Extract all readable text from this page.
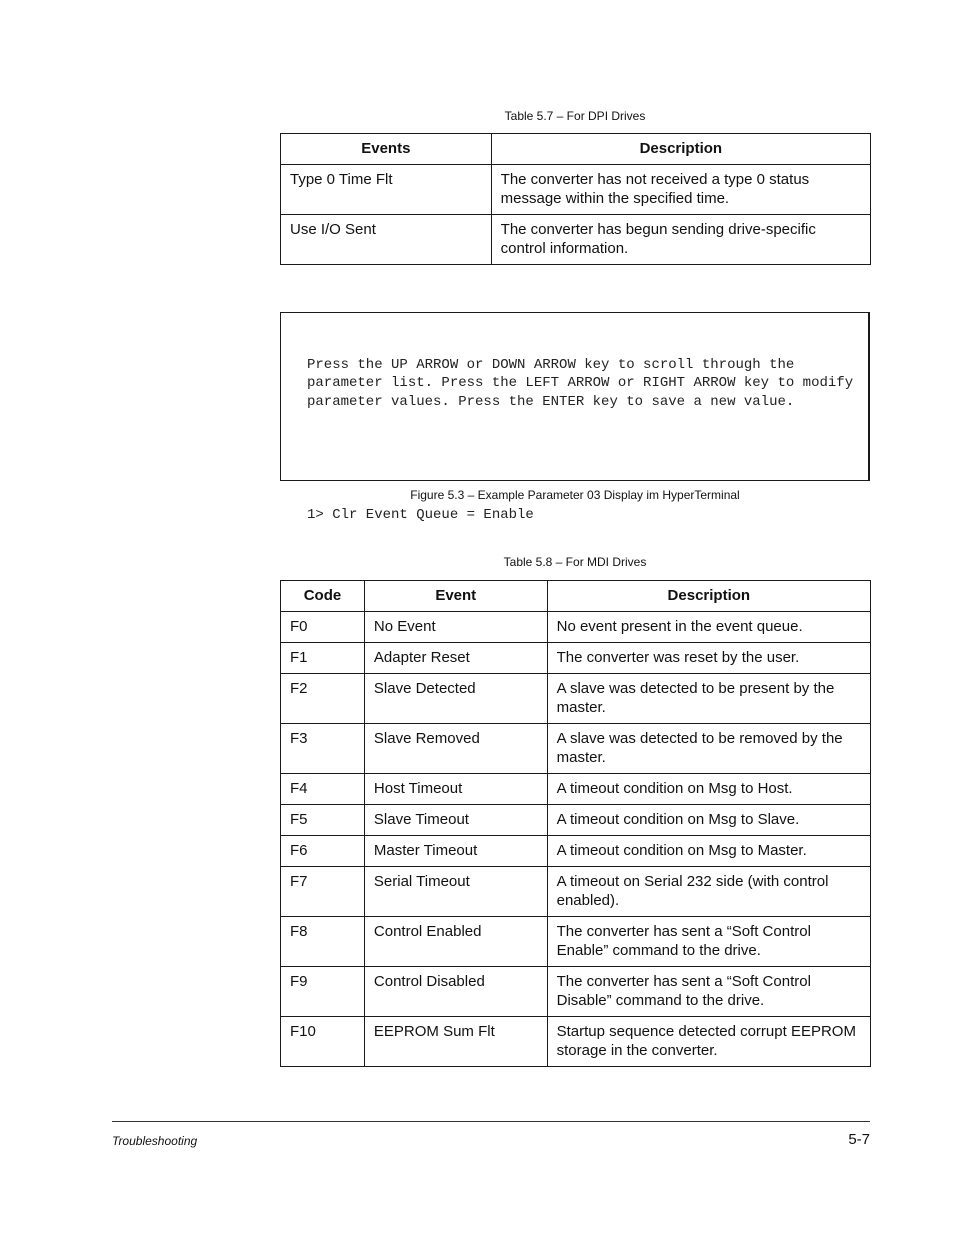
Table 5.7 – For DPI Drives
Events	Description
Type 0 Time Flt	The converter has not received a type 0 status message within the specified time.
Use I/O Sent	The converter has begun sending drive-specific control information.

Press the UP ARROW or DOWN ARROW key to scroll through the parameter list. Press the LEFT ARROW or RIGHT ARROW key to modify parameter values. Press the ENTER key to save a new value.

1> Clr Event Queue = Enable

Figure 5.3 – Example Parameter 03 Display im HyperTerminal
Table 5.8 – For MDI Drives
Code	Event	Description
F0	No Event	No event present in the event queue.
F1	Adapter Reset	The converter was reset by the user.
F2	Slave Detected	A slave was detected to be present by the master.
F3	Slave Removed	A slave was detected to be removed by the master.
F4	Host Timeout	A timeout condition on Msg to Host.
F5	Slave Timeout	A timeout condition on Msg to Slave.
F6	Master Timeout	A timeout condition on Msg to Master.
F7	Serial Timeout	A timeout on Serial 232 side (with control enabled).
F8	Control Enabled	The converter has sent a “Soft Control Enable” command to the drive.
F9	Control Disabled	The converter has sent a “Soft Control Disable” command to the drive.
F10	EEPROM Sum Flt	Startup sequence detected corrupt EEPROM storage in the converter.
Troubleshooting	5-7
